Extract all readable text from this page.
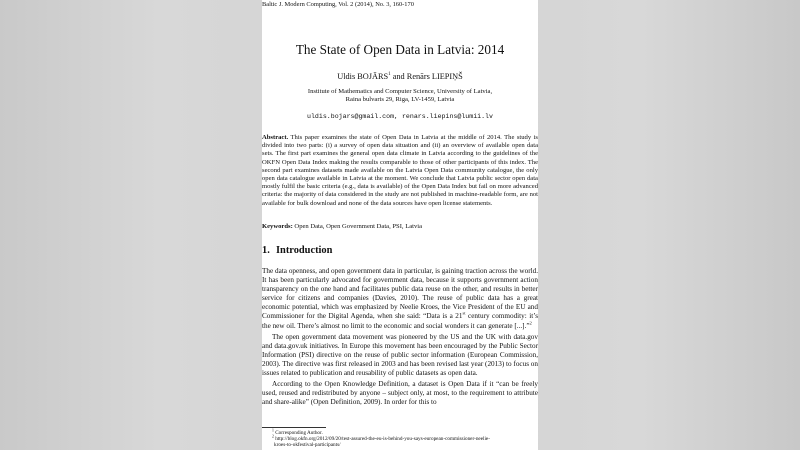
Baltic J. Modern Computing, Vol. 2 (2014), No. 3, 160-170
The State of Open Data in Latvia: 2014
Uldis BOJĀRS$^1$ and Renārs LIEPIŅŠ
Institute of Mathematics and Computer Science, University of Latvia,
Raina bulvaris 29, Riga, LV-1459, Latvia
uldis.bojars@gmail.com, renars.liepins@lumii.lv
Abstract. This paper examines the state of Open Data in Latvia at the middle of 2014. The study is divided into two parts: (i) a survey of open data situation and (ii) an overview of available open data sets. The first part examines the general open data climate in Latvia according to the guidelines of the OKFN Open Data Index making the results comparable to those of other participants of this index. The second part examines datasets made available on the Latvia Open Data community catalogue, the only open data catalogue available in Latvia at the moment. We conclude that Latvia public sector open data mostly fulfil the basic criteria (e.g., data is available) of the Open Data Index but fail on more advanced criteria: the majority of data considered in the study are not published in machine-readable form, are not available for bulk download and none of the data sources have open license statements.
Keywords: Open Data, Open Government Data, PSI, Latvia
1. Introduction

The data openness, and open government data in particular, is gaining traction across the world. It has been particularly advocated for government data, because it supports government action transparency on the one hand and facilitates public data reuse on the other, and results in better service for citizens and companies (Davies, 2010). The reuse of public data has a great economic potential, which was emphasized by Neelie Kroes, the Vice President of the EU and Commissioner for the Digital Agenda, when she said: “Data is a 21st century commodity: it’s the new oil. There’s almost no limit to the economic and social wonders it can generate [...].”$^2$

The open government data movement was pioneered by the US and the UK with data.gov and data.gov.uk initiatives. In Europe this movement has been encouraged by the Public Sector Information (PSI) directive on the reuse of public sector information (European Commission, 2003). The directive was first released in 2003 and has been revised last year (2013) to focus on issues related to publication and reusability of public datasets as open data.

According to the Open Knowledge Definition, a dataset is Open Data if it “can be freely used, reused and redistributed by anyone – subject only, at most, to the requirement to attribute and share-alike” (Open Definition, 2009). In order for this to

$^1$ Corresponding Author.
$^2$ http://blog.okfn.org/2012/09/20/test-assured-the-eu-is-behind-you-says-european-commissioner-neelie-
kroes-to-okfestival-participants/
